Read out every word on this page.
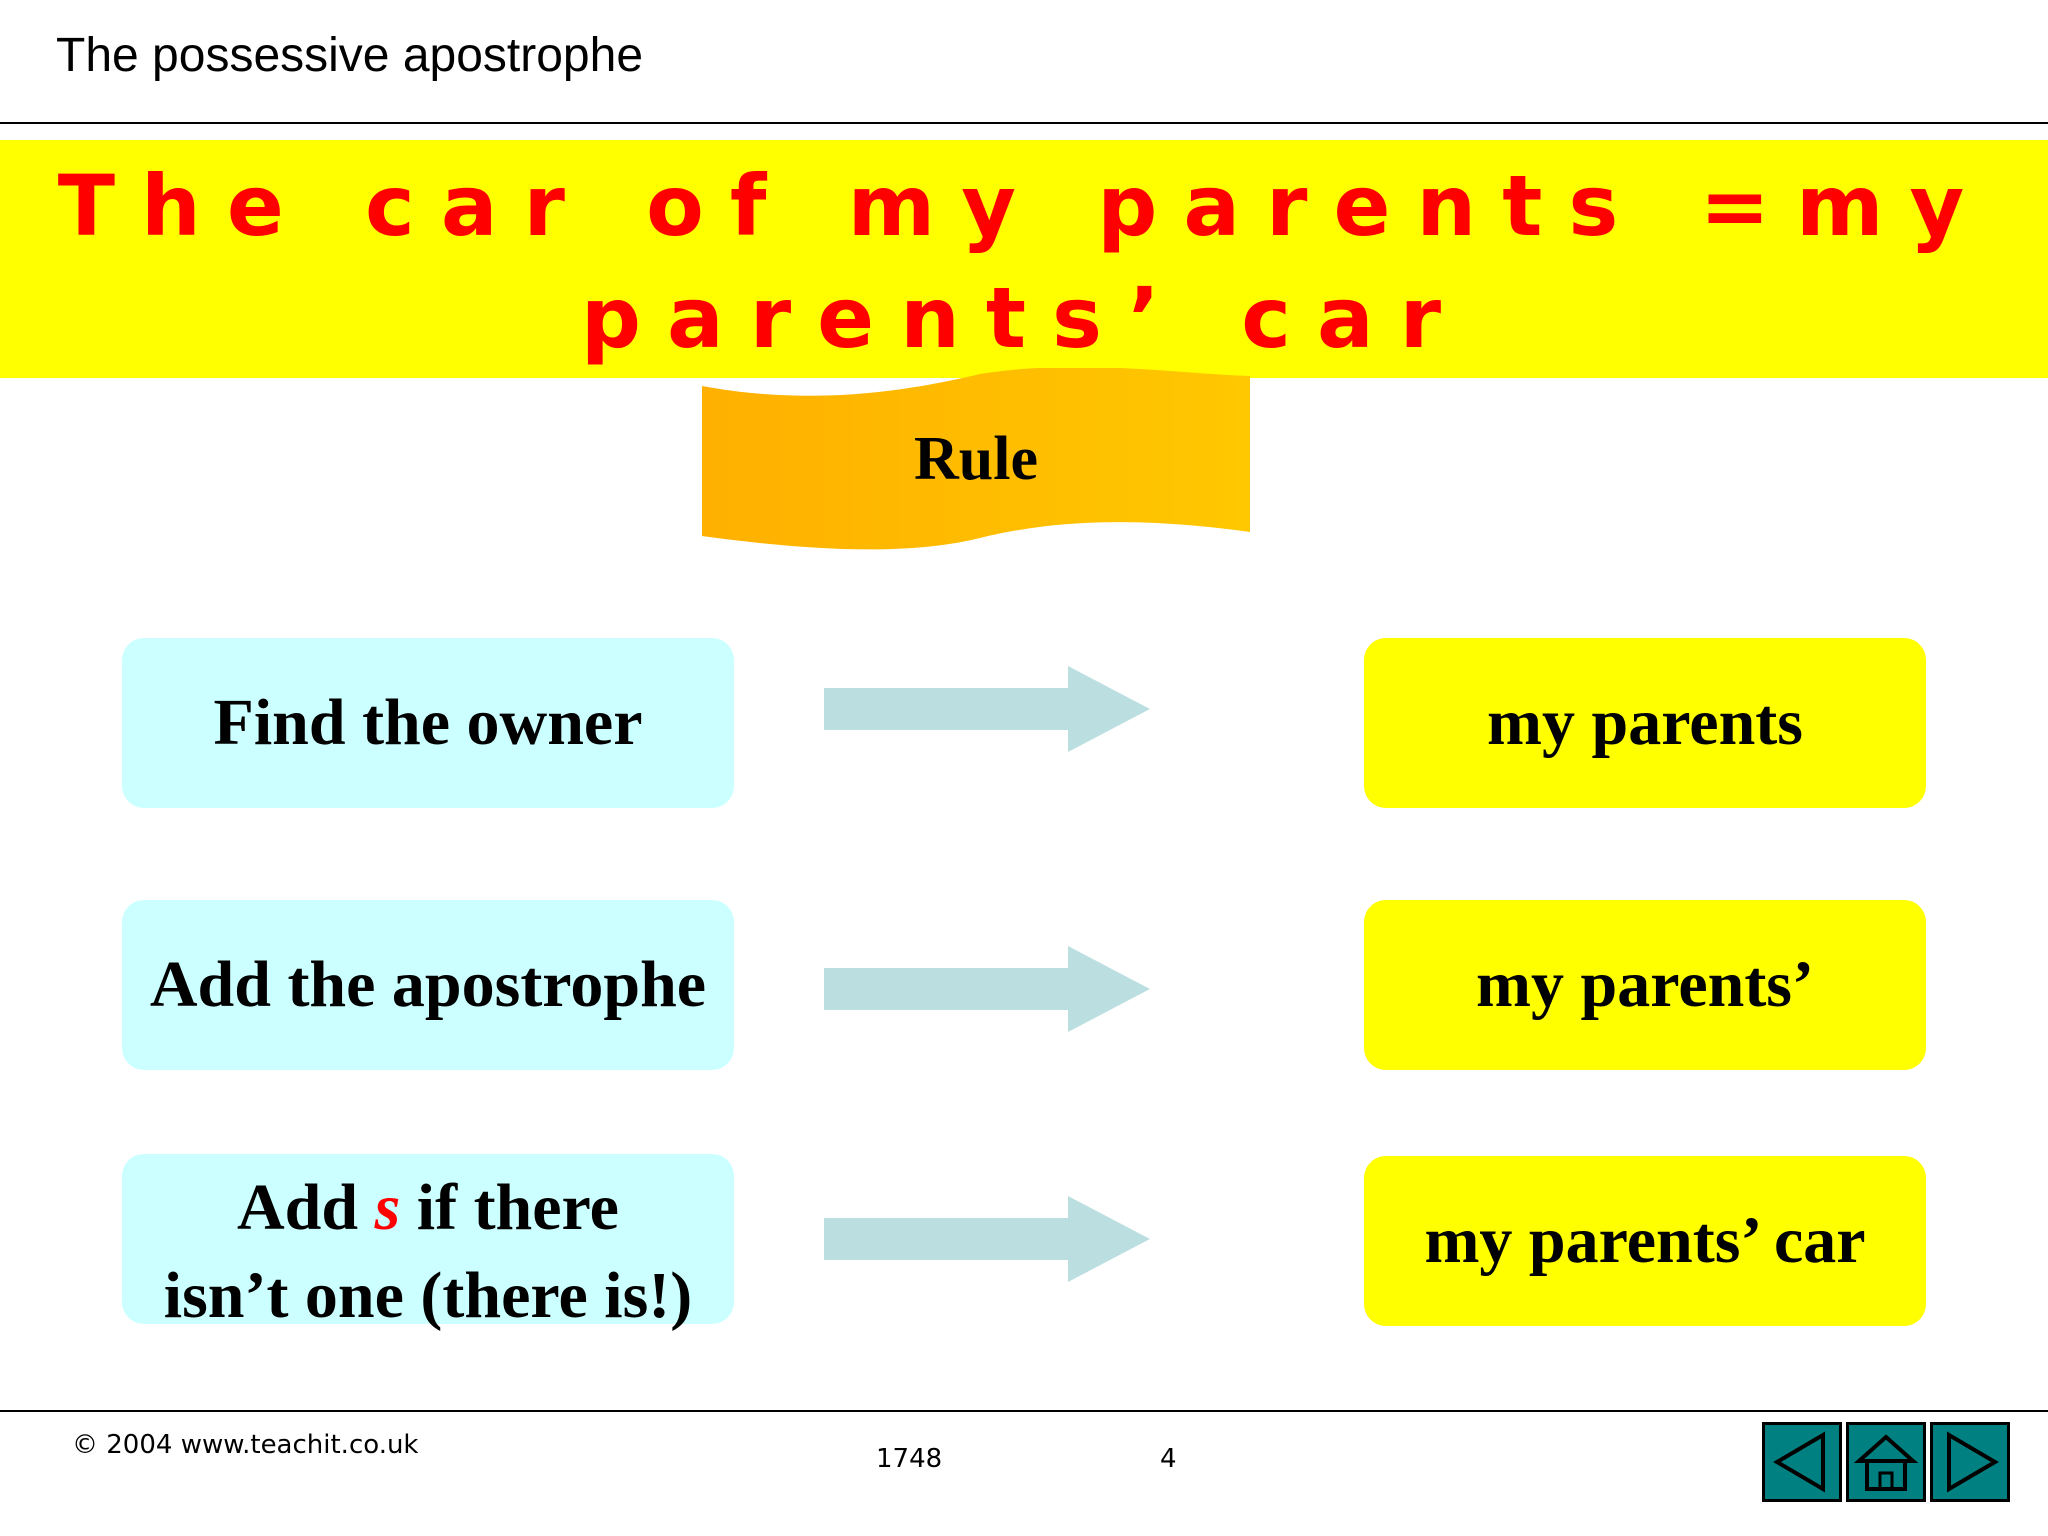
The possessive apostrophe
The car of my parents =my
parents’ car
Rule
Find the owner	my parents
Add the apostrophe	my parents’
Add s if there
isn’t one (there is!)
my parents’ car
© 2004 www.teachit.co.uk	1748	4
